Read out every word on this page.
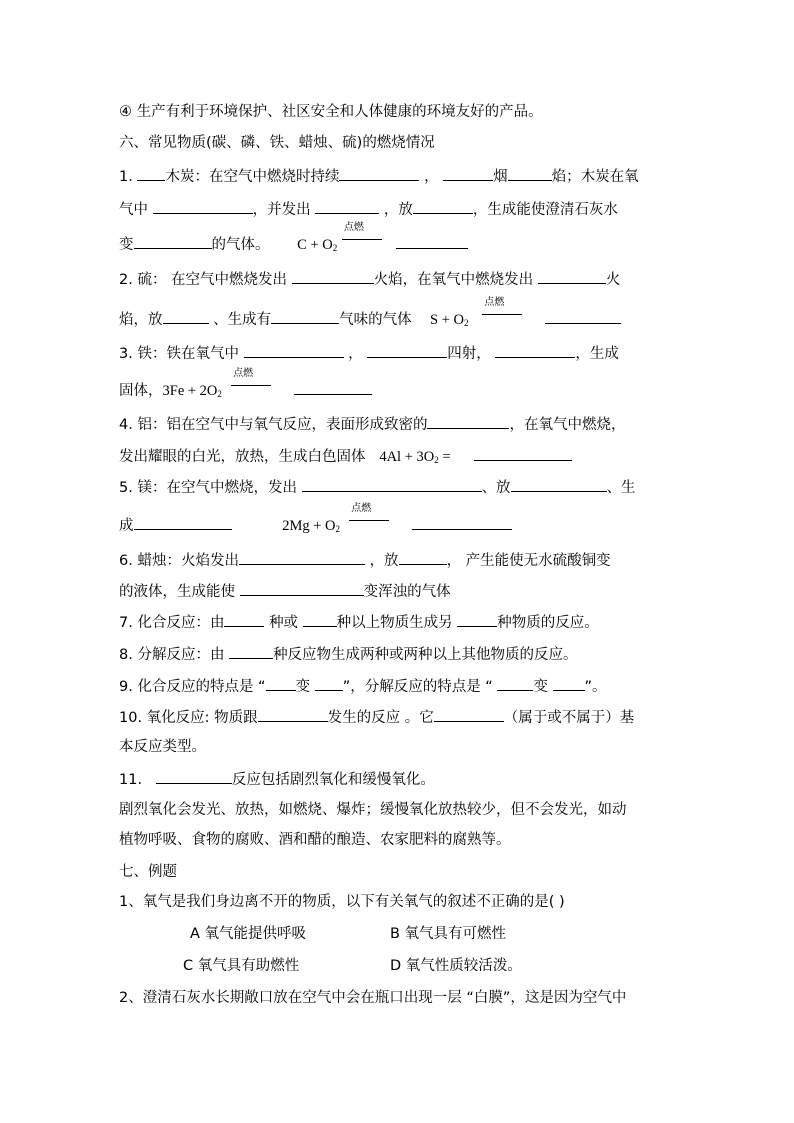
④ 生产有利于环境保护、社区安全和人体健康的环境友好的产品。
六、常见物质(碳、磷、铁、蜡烛、硫)的燃烧情况
1. 木炭：在空气中燃烧时持续	，	烟	焰；木炭在氧
气中	，并发出	，放	，生成能使澄清石灰水
变	的气体。 $C + O_2$
点燃

2. 硫： 在空气中燃烧发出	火焰，在氧气中燃烧发出	火
焰，放	、生成有	气味的气体 $S + O_2$
点燃

3. 铁：铁在氧气中	，	四射，	，生成
固体，$3Fe + 2O_2$
点燃

4. 铝：铝在空气中与氧气反应，表面形成致密的	，在氧气中燃烧，
发出耀眼的白光，放热，生成白色固体 $4Al + 3O_2$ =
5. 镁：在空气中燃烧，发出	、放	、生
成	$2Mg + O_2$
点燃

6. 蜡烛：火焰发出	，放	， 产生能使无水硫酸铜变
的液体，生成能使	变浑浊的气体
7. 化合反应：由	种或	种以上物质生成另	种物质的反应。
8. 分解反应：由	种反应物生成两种或两种以上其他物质的反应。
9. 化合反应的特点是 “ 变 ”，分解反应的特点是 “	变	”。
10. 氧化反应: 物质跟	发生的反应 。它	（属于或不属于）基
本反应类型。
11.	反应包括剧烈氧化和缓慢氧化。
剧烈氧化会发光、放热，如燃烧、爆炸；缓慢氧化放热较少，但不会发光，如动
植物呼吸、食物的腐败、酒和醋的酿造、农家肥料的腐熟等。
七、例题
1、氧气是我们身边离不开的物质，以下有关氧气的叙述不正确的是( )
A 氧气能提供呼吸	B 氧气具有可燃性
C 氧气具有助燃性	D 氧气性质较活泼。
2、澄清石灰水长期敞口放在空气中会在瓶口出现一层 “白膜”，这是因为空气中
